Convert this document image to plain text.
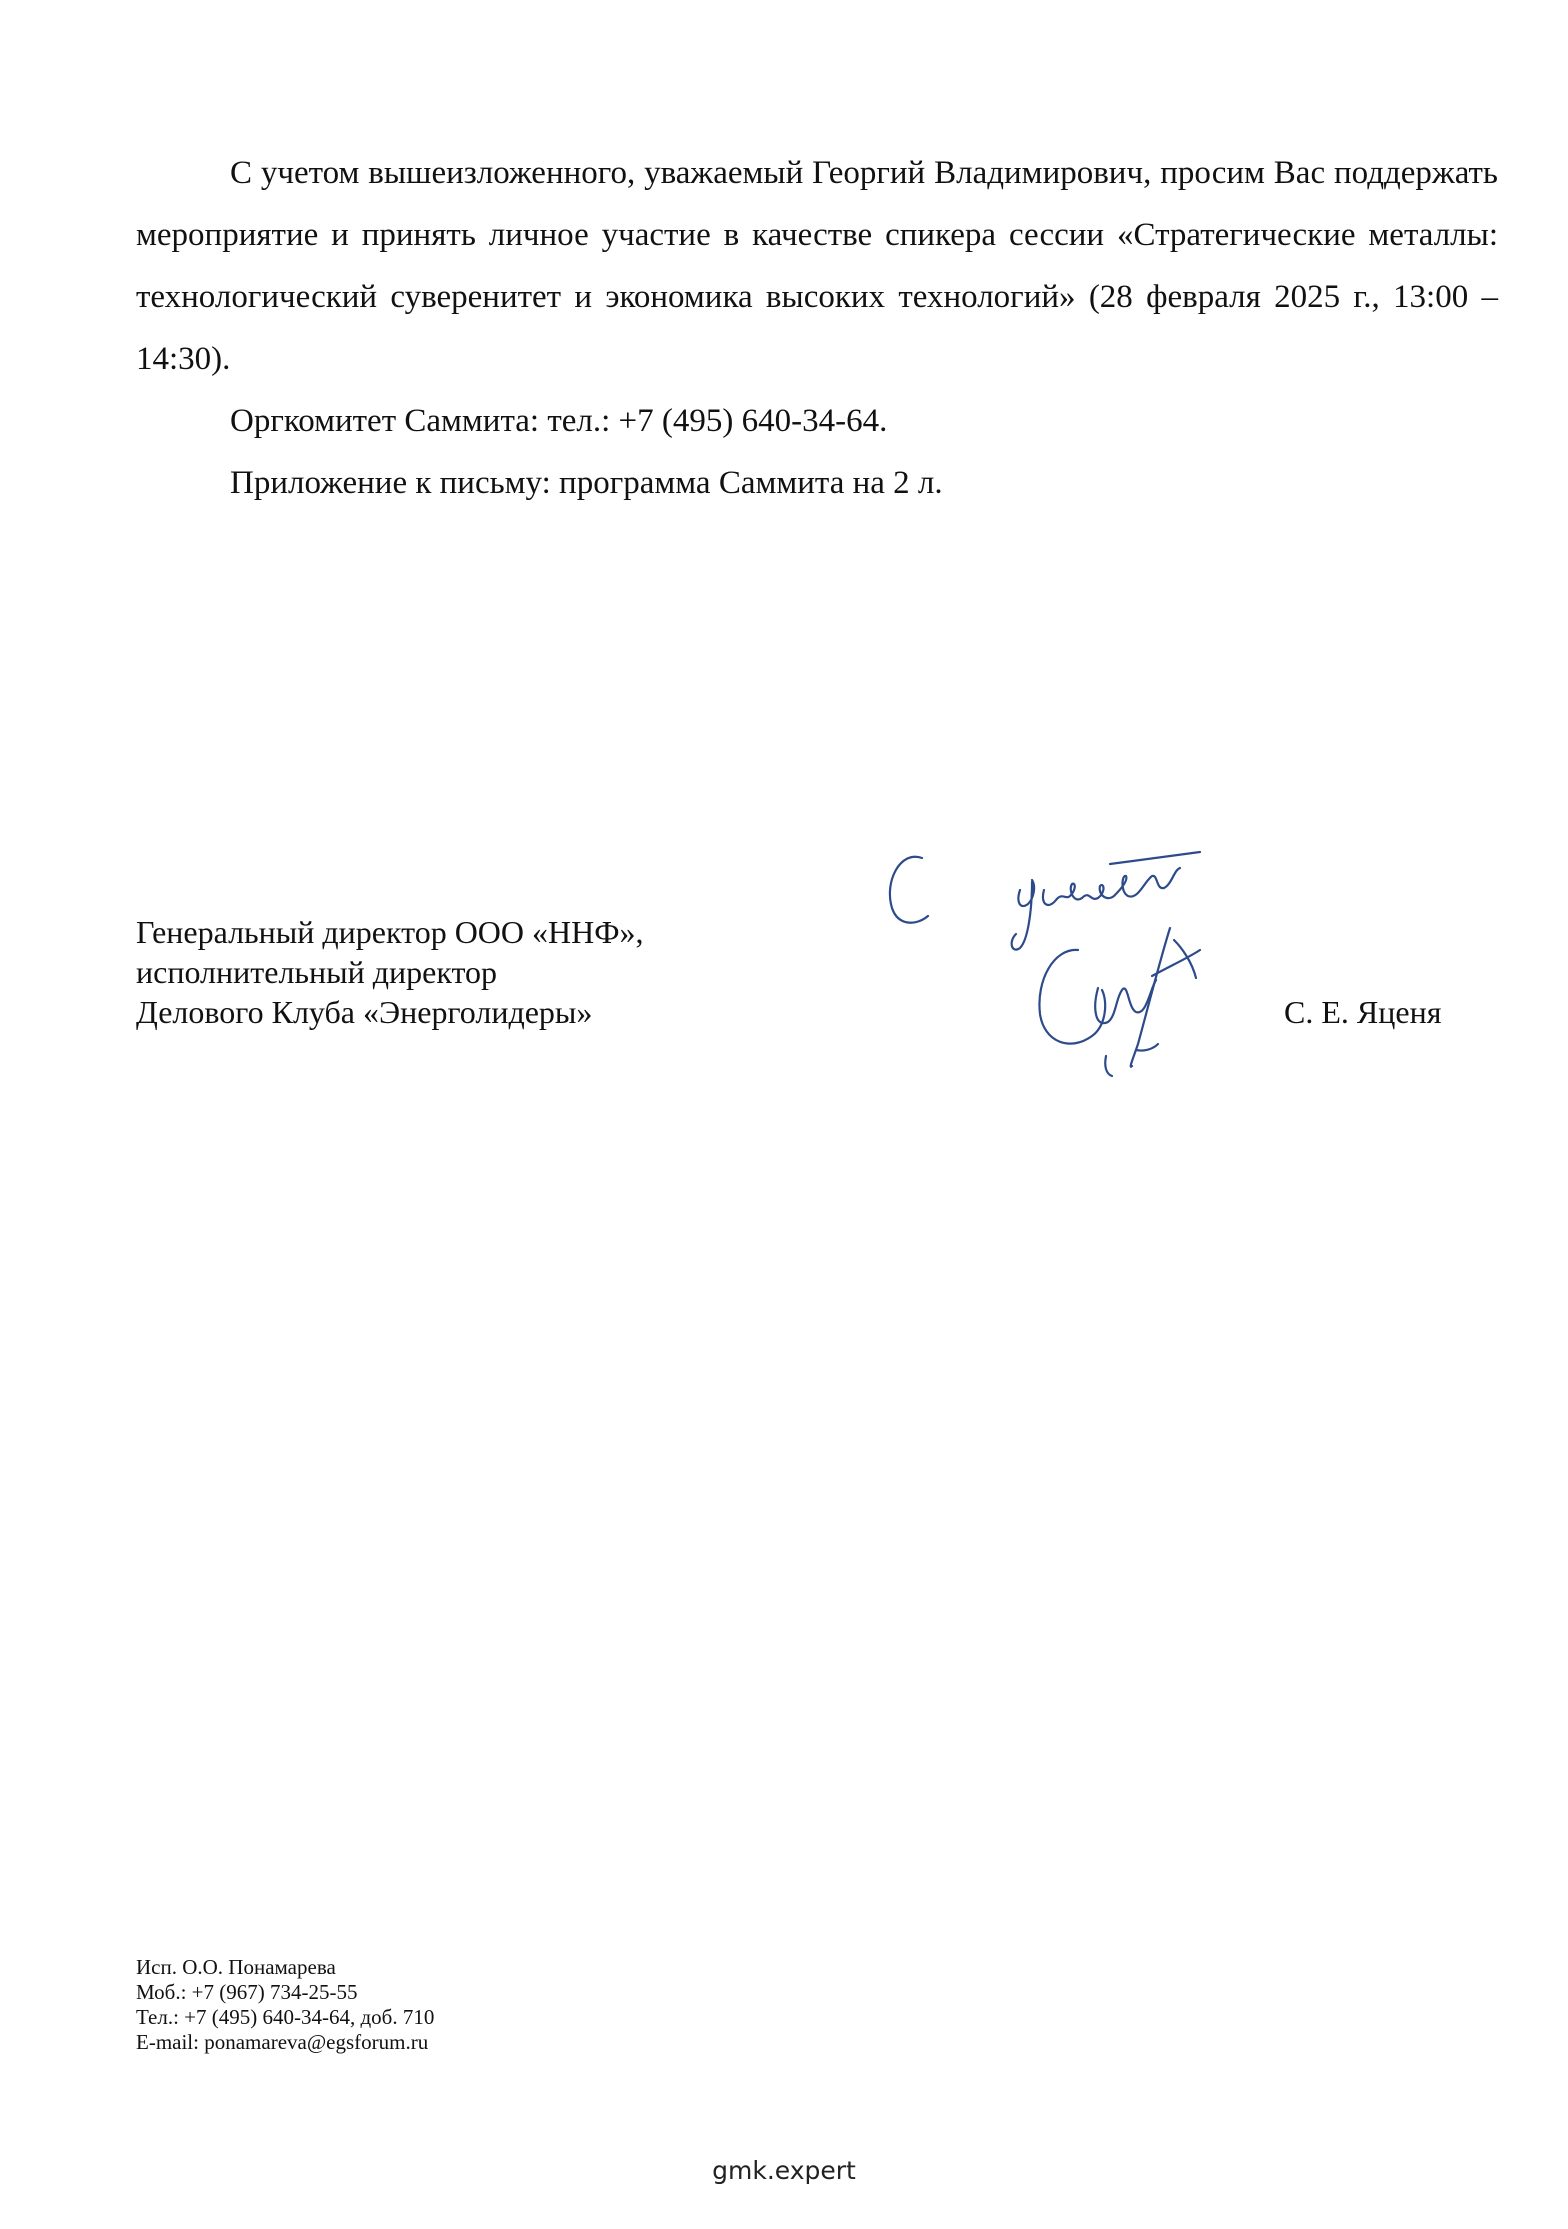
С учетом вышеизложенного, уважаемый Георгий Владимирович, просим Вас поддержать мероприятие и принять личное участие в качестве спикера сессии «Стратегические металлы: технологический суверенитет и экономика высоких технологий» (28 февраля 2025 г., 13:00 – 14:30).

Оргкомитет Саммита: тел.: +7 (495) 640-34-64.

Приложение к письму: программа Саммита на 2 л.

Генеральный директор ООО «ННФ»,
исполнительный директор
Делового Клуба «Энерголидеры»	С. Е. Яценя
Исп. О.О. Понамарева
Моб.: +7 (967) 734-25-55
Тел.: +7 (495) 640-34-64, доб. 710
E-mail: ponamareva@egsforum.ru
gmk.expert
